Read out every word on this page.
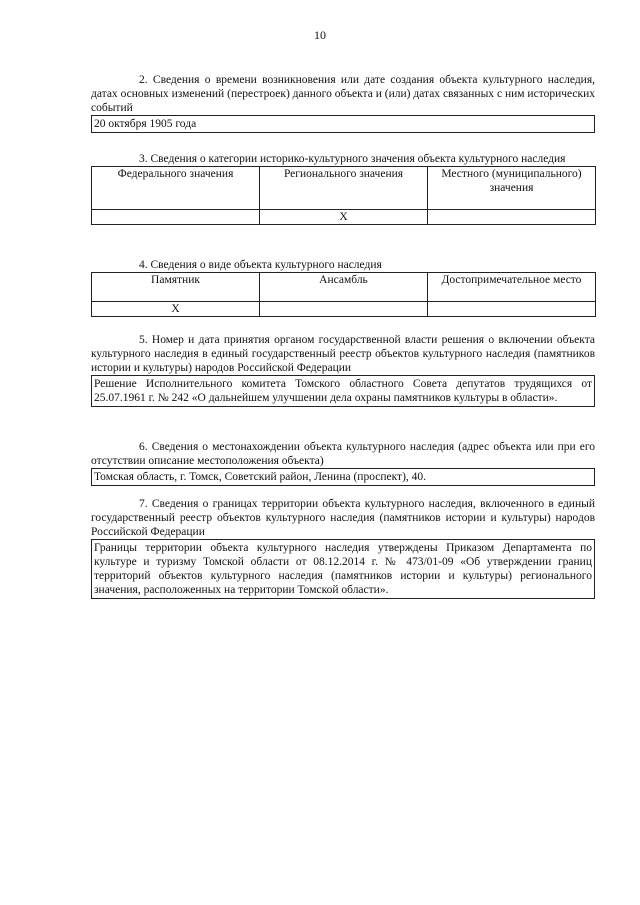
10

2. Сведения о времени возникновения или дате создания объекта культурного наследия, датах основных изменений (перестроек) данного объекта и (или) датах связанных с ним исторических событий

20 октября 1905 года

3. Сведения о категории историко-культурного значения объекта культурного наследия

Федерального значения	Регионального значения	Местного (муниципального) значения
	Х	

4. Сведения о виде объекта культурного наследия

Памятник	Ансамбль	Достопримечательное место
Х		

5. Номер и дата принятия органом государственной власти решения о включении объекта культурного наследия в единый государственный реестр объектов культурного наследия (памятников истории и культуры) народов Российской Федерации

Решение Исполнительного комитета Томского областного Совета депутатов трудящихся от 25.07.1961 г. № 242 «О дальнейшем улучшении дела охраны памятников культуры в области».

6. Сведения о местонахождении объекта культурного наследия (адрес объекта или при его отсутствии описание местоположения объекта)

Томская область, г. Томск, Советский район, Ленина (проспект), 40.

7. Сведения о границах территории объекта культурного наследия, включенного в единый государственный реестр объектов культурного наследия (памятников истории и культуры) народов Российской Федерации

Границы территории объекта культурного наследия утверждены Приказом Департамента по культуре и туризму Томской области от 08.12.2014 г. № 473/01-09 «Об утверждении границ территорий объектов культурного наследия (памятников истории и культуры) регионального значения, расположенных на территории Томской области».
